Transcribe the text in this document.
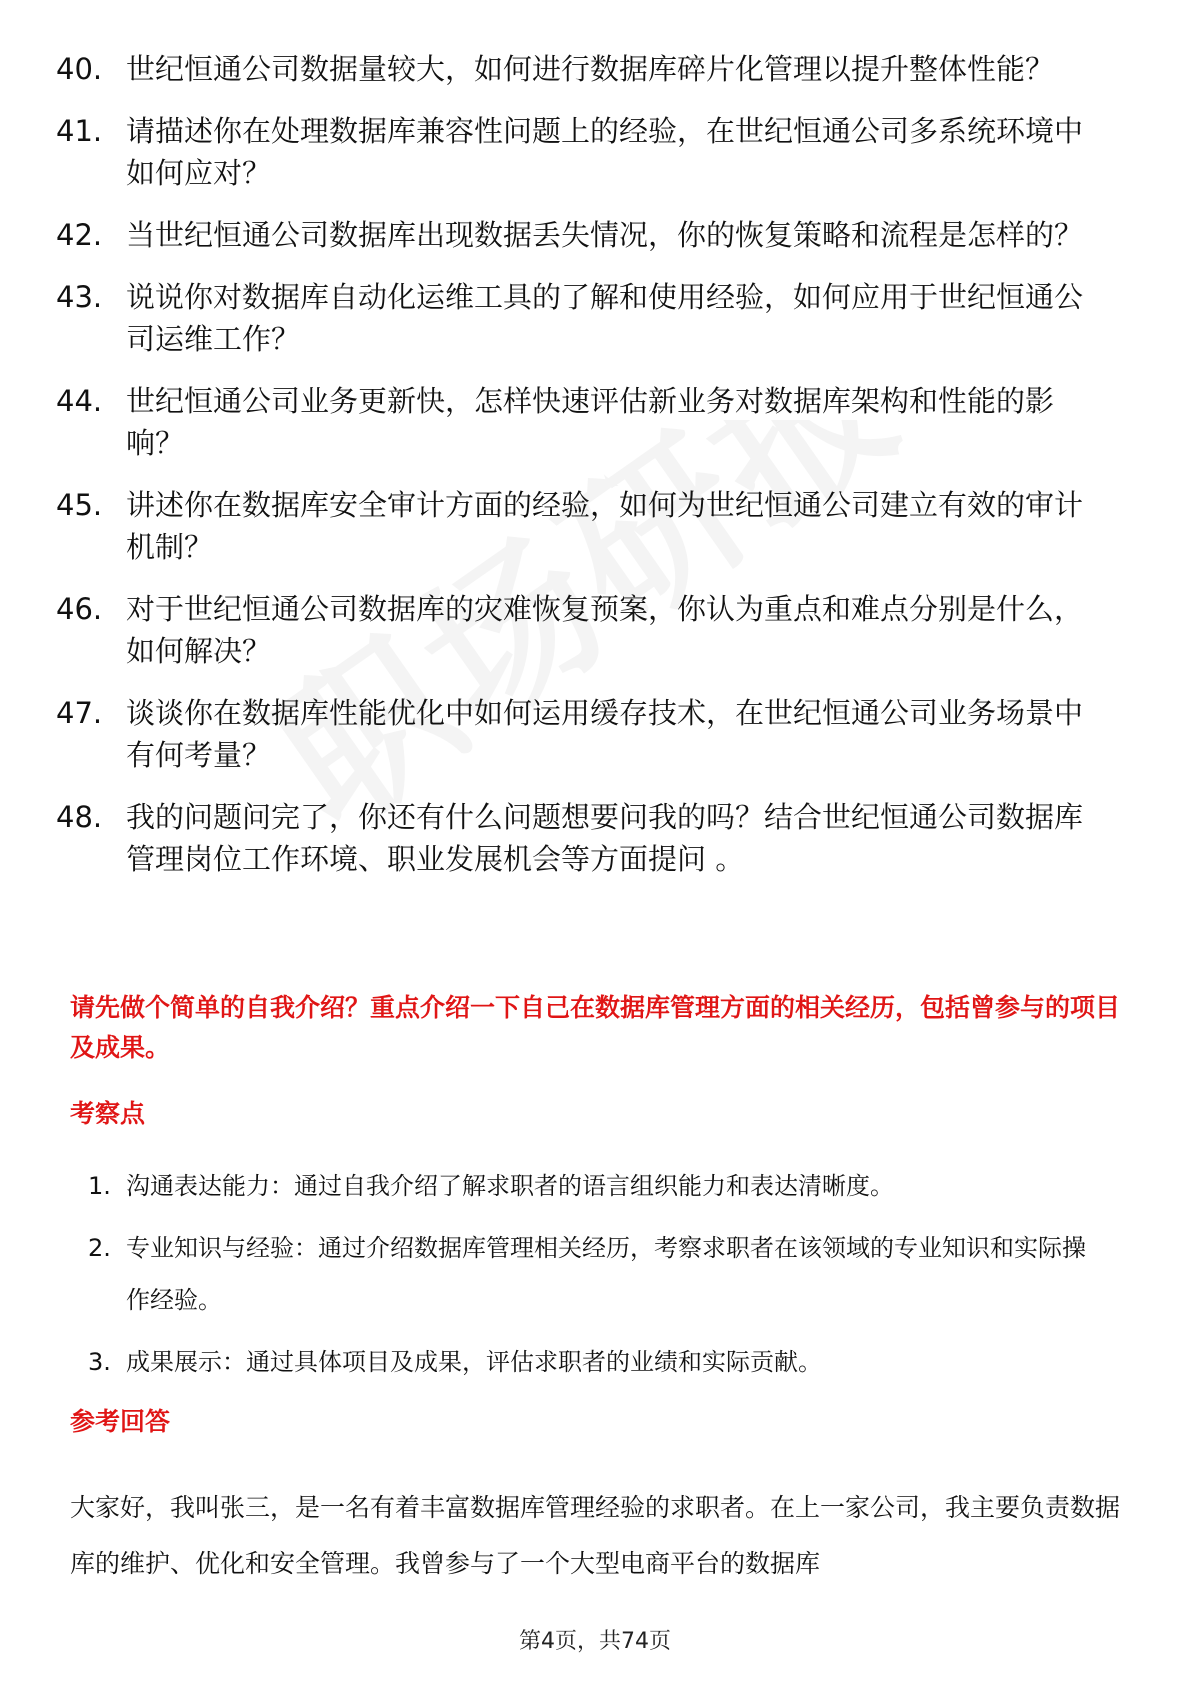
40. 世纪恒通公司数据量较大，如何进行数据库碎片化管理以提升整体性能？
41. 请描述你在处理数据库兼容性问题上的经验，在世纪恒通公司多系统环境中如何应对？
42. 当世纪恒通公司数据库出现数据丢失情况，你的恢复策略和流程是怎样的？
43. 说说你对数据库自动化运维工具的了解和使用经验，如何应用于世纪恒通公司运维工作？
44. 世纪恒通公司业务更新快，怎样快速评估新业务对数据库架构和性能的影响？
45. 讲述你在数据库安全审计方面的经验，如何为世纪恒通公司建立有效的审计机制？
46. 对于世纪恒通公司数据库的灾难恢复预案，你认为重点和难点分别是什么，如何解决？
47. 谈谈你在数据库性能优化中如何运用缓存技术，在世纪恒通公司业务场景中有何考量？
48. 我的问题问完了，你还有什么问题想要问我的吗？结合世纪恒通公司数据库管理岗位工作环境、职业发展机会等方面提问 。
请先做个简单的自我介绍？重点介绍一下自己在数据库管理方面的相关经历，包括曾参与的项目及成果。
考察点
1. 沟通表达能力：通过自我介绍了解求职者的语言组织能力和表达清晰度。
2. 专业知识与经验：通过介绍数据库管理相关经历，考察求职者在该领域的专业知识和实际操作经验。
3. 成果展示：通过具体项目及成果，评估求职者的业绩和实际贡献。
参考回答
大家好，我叫张三，是一名有着丰富数据库管理经验的求职者。在上一家公司，我主要负责数据库的维护、优化和安全管理。我曾参与了一个大型电商平台的数据库
第4页，共74页
